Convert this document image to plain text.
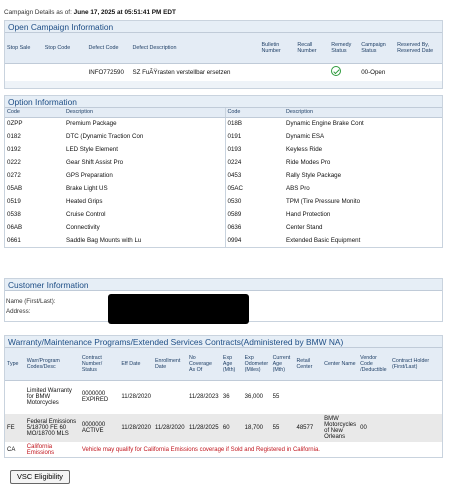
Campaign Details as of: June 17, 2025 at 05:51:41 PM EDT
Open Campaign Information
Stop Sale	Stop Code	Defect Code	Defect Description	Bulletin Number	Recall Number	Remedy Status	Campaign Status	Reserved By, Reserved Date
		INFO772590	SZ FuÃŸrasten verstellbar ersetzen				00-Open	

Option Information
Code	Description	Code	Description
0ZPP	Premium Package	018B	Dynamic Engine Brake Cont
0182	DTC (Dynamic Traction Con	0191	Dynamic ESA
0192	LED Style Element	0193	Keyless Ride
0222	Gear Shift Assist Pro	0224	Ride Modes Pro
0272	GPS Preparation	0453	Rally Style Package
05AB	Brake Light US	05AC	ABS Pro
0519	Heated Grips	0530	TPM (Tire Pressure Monito
0538	Cruise Control	0589	Hand Protection
06AB	Connectivity	0636	Center Stand
0661	Saddle Bag Mounts with Lu	0994	Extended Basic Equipment
Customer Information
Name (First/Last):
Address:
Warranty/Maintenance Programs/Extended Services Contracts(Administered by BMW NA)
Type	Warr/Program Codes/Desc	Contract Number/ Status	Eff Date	Enrollment Date	No Coverage As Of	Exp Age (Mth)	Exp Odometer (Miles)	Current Age (Mth)	Retail Center	Center Name	Vendor Code /Deductible	Contract Holder (First/Last)
	Limited Warranty for BMW Motorcycles	0000000 EXPIRED	11/28/2020		11/28/2023	36	36,000	55				
FE	Federal Emissions 5/18700 FE 60 MO/18700 MLS	0000000 ACTIVE	11/28/2020	11/28/2020	11/28/2025	60	18,700	55	48577	BMW Motorcycles of New Orleans	00	
CA	California Emissions	Vehicle may qualify for California Emissions coverage if Sold and Registered in California.										
VSC Eligibility
